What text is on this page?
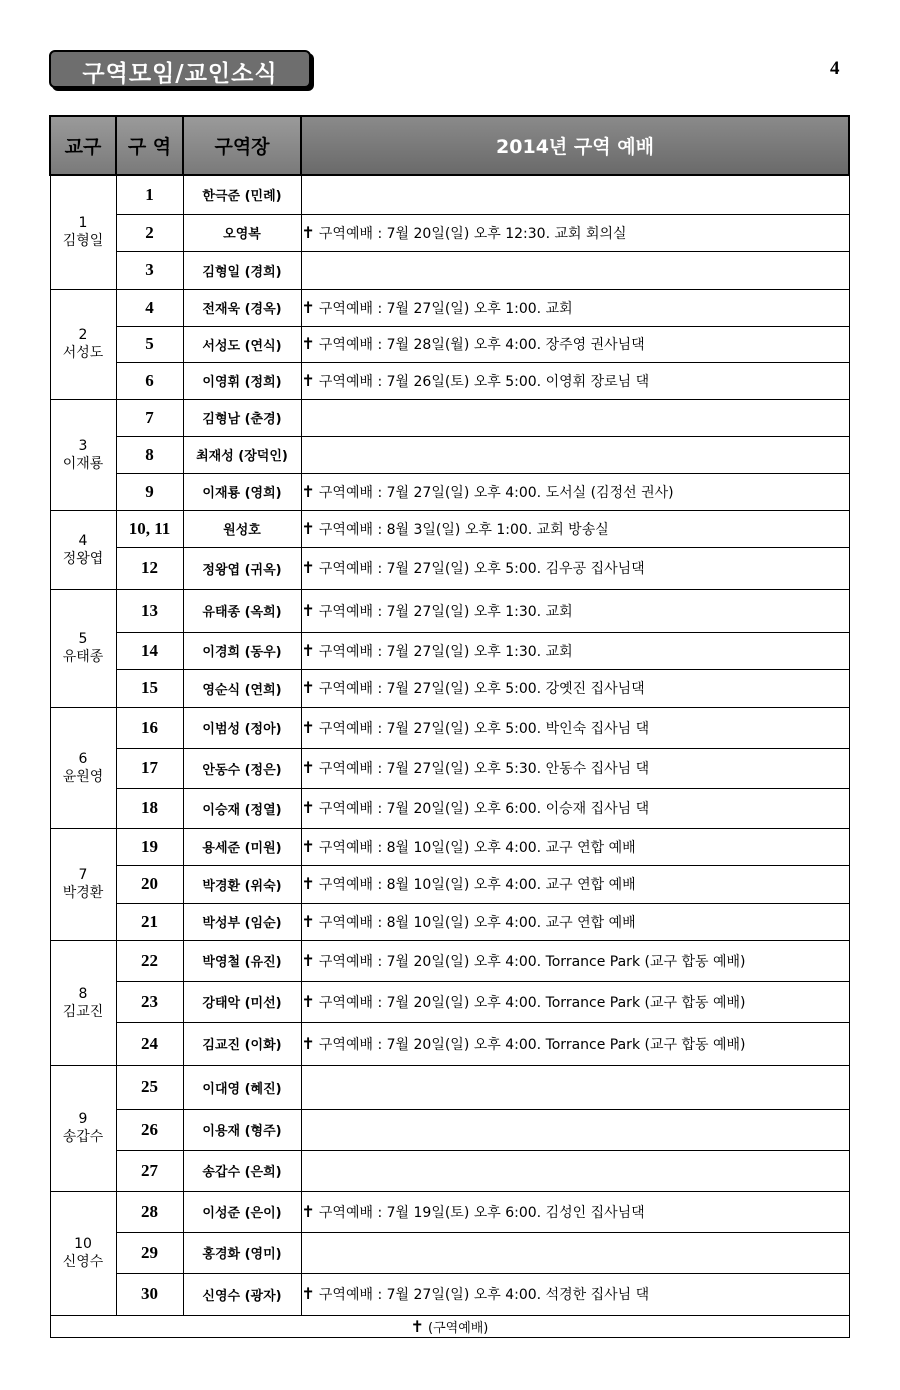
구역모임/교인소식	4
교구	구 역	구역장	2014년 구역 예배

1
김형일	1	한극준 (민례)	
	2	오영복	✝ 구역예배 : 7월 20일(일) 오후 12:30. 교회 회의실
	3	김형일 (경희)	

2
서성도	4	전재욱 (경옥)	✝ 구역예배 : 7월 27일(일) 오후 1:00. 교회
	5	서성도 (연식)	✝ 구역예배 : 7월 28일(월) 오후 4:00. 장주영 권사님댁
	6	이영휘 (정희)	✝ 구역예배 : 7월 26일(토) 오후 5:00. 이영휘 장로님 댁

3
이재룡	7	김형남 (춘경)	
	8	최재성 (장덕인)	
	9	이재룡 (영희)	✝ 구역예배 : 7월 27일(일) 오후 4:00. 도서실 (김정선 권사)

4
정왕엽	10, 11	원성호	✝ 구역예배 : 8월 3일(일) 오후 1:00. 교회 방송실
	12	정왕엽 (귀옥)	✝ 구역예배 : 7월 27일(일) 오후 5:00. 김우공 집사님댁

5
유태종	13	유태종 (옥희)	✝ 구역예배 : 7월 27일(일) 오후 1:30. 교회
	14	이경희 (동우)	✝ 구역예배 : 7월 27일(일) 오후 1:30. 교회
	15	영순식 (연희)	✝ 구역예배 : 7월 27일(일) 오후 5:00. 강옛진 집사님댁

6
윤원영	16	이범성 (정아)	✝ 구역예배 : 7월 27일(일) 오후 5:00. 박인숙 집사님 댁
	17	안동수 (정은)	✝ 구역예배 : 7월 27일(일) 오후 5:30. 안동수 집사님 댁
	18	이승재 (정열)	✝ 구역예배 : 7월 20일(일) 오후 6:00. 이승재 집사님 댁

7
박경환	19	용세준 (미원)	✝ 구역예배 : 8월 10일(일) 오후 4:00. 교구 연합 예배
	20	박경환 (위숙)	✝ 구역예배 : 8월 10일(일) 오후 4:00. 교구 연합 예배
	21	박성부 (임순)	✝ 구역예배 : 8월 10일(일) 오후 4:00. 교구 연합 예배

8
김교진	22	박영철 (유진)	✝ 구역예배 : 7월 20일(일) 오후 4:00. Torrance Park (교구 합동 예배)
	23	강태악 (미선)	✝ 구역예배 : 7월 20일(일) 오후 4:00. Torrance Park (교구 합동 예배)
	24	김교진 (이화)	✝ 구역예배 : 7월 20일(일) 오후 4:00. Torrance Park (교구 합동 예배)

9
송갑수	25	이대영 (혜진)	
	26	이용재 (형주)	
	27	송갑수 (은희)	

10
신영수	28	이성준 (은이)	✝ 구역예배 : 7월 19일(토) 오후 6:00. 김성인 집사님댁
	29	홍경화 (영미)	
	30	신영수 (광자)	✝ 구역예배 : 7월 27일(일) 오후 4:00. 석경한 집사님 댁
✝ (구역예배)			
